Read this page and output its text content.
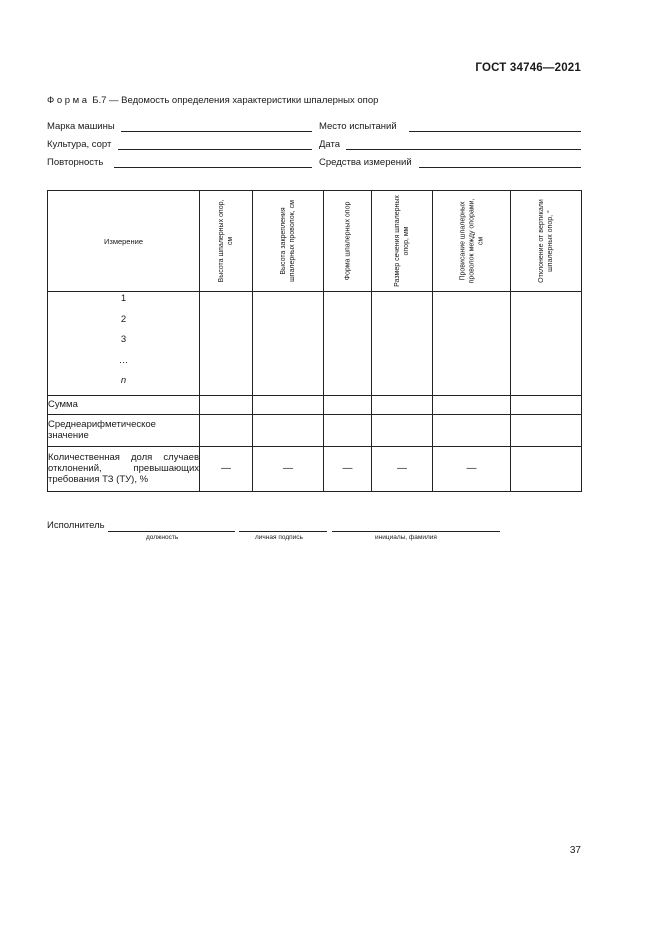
ГОСТ 34746—2021
Форма Б.7 — Ведомость определения характеристики шпалерных опор
Марка машины	Место испытаний
Культура, сорт	Дата
Повторность	Средства измерений
Измерение	Высота шпалерных опор, см	Высота закрепления шпалерных проволок, см	Форма шпалерных опор	Размер сечения шпалерных опор, мм	Провисание шпалерных проволок между опорами, см	Отклонение от вертикали шпалерных опор, °

1
2
3
…
n						

Сумма						
Среднеарифметическое значение						
Количественная доля случаев отклонений, превышающих требования ТЗ (ТУ), %	—	—	—	—	—	
Исполнитель
должность	личная подпись	инициалы, фамилия
37
